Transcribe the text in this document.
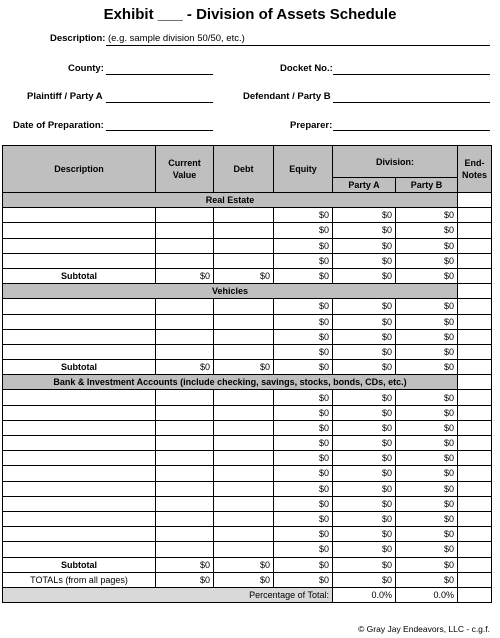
Exhibit ___ - Division of Assets Schedule
Description: (e.g. sample division 50/50, etc.)
County:	Docket No.:
Plaintiff / Party A	Defendant / Party B
Date of Preparation:	Preparer:
Description	Current Value	Debt	Equity	Division:		End-Notes
				Party A	Party B	
Real Estate						
			$0	$0	$0	
			$0	$0	$0	
			$0	$0	$0	
			$0	$0	$0	
Subtotal	$0	$0	$0	$0	$0	
Vehicles						
			$0	$0	$0	
			$0	$0	$0	
			$0	$0	$0	
			$0	$0	$0	
Subtotal	$0	$0	$0	$0	$0	
Bank & Investment Accounts (include checking, savings, stocks, bonds, CDs, etc.)						
			$0	$0	$0	
			$0	$0	$0	
			$0	$0	$0	
			$0	$0	$0	
			$0	$0	$0	
			$0	$0	$0	
			$0	$0	$0	
			$0	$0	$0	
			$0	$0	$0	
			$0	$0	$0	
			$0	$0	$0	
Subtotal	$0	$0	$0	$0	$0	
TOTALs (from all pages)	$0	$0	$0	$0	$0	
Percentage of Total:				0.0%	0.0%	
© Gray Jay Endeavors, LLC - c.g.f.
